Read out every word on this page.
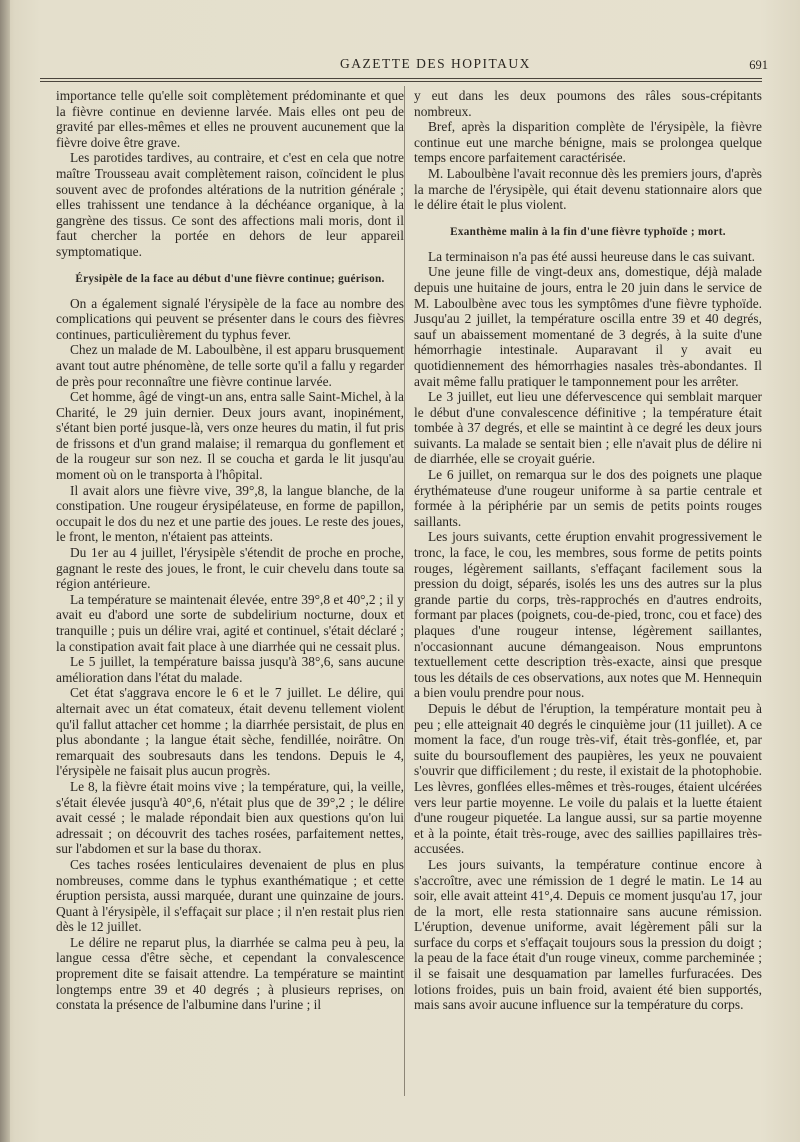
GAZETTE DES HOPITAUX	691

importance telle qu'elle soit complètement prédominante et que la fièvre continue en devienne larvée. Mais elles ont peu de gravité par elles-mêmes et elles ne prouvent aucunement que la fièvre doive être grave.

Les parotides tardives, au contraire, et c'est en cela que notre maître Trousseau avait complètement raison, coïncident le plus souvent avec de profondes altérations de la nutrition générale ; elles trahissent une tendance à la déchéance organique, à la gangrène des tissus. Ce sont des affections mali moris, dont il faut chercher la portée en dehors de leur appareil symptomatique.

Érysipèle de la face au début d'une fièvre continue; guérison.

On a également signalé l'érysipèle de la face au nombre des complications qui peuvent se présenter dans le cours des fièvres continues, particulièrement du typhus fever.

Chez un malade de M. Laboulbène, il est apparu brusquement avant tout autre phénomène, de telle sorte qu'il a fallu y regarder de près pour reconnaître une fièvre continue larvée.

Cet homme, âgé de vingt-un ans, entra salle Saint-Michel, à la Charité, le 29 juin dernier. Deux jours avant, inopinément, s'étant bien porté jusque-là, vers onze heures du matin, il fut pris de frissons et d'un grand malaise; il remarqua du gonflement et de la rougeur sur son nez. Il se coucha et garda le lit jusqu'au moment où on le transporta à l'hôpital.

Il avait alors une fièvre vive, 39°,8, la langue blanche, de la constipation. Une rougeur érysipélateuse, en forme de papillon, occupait le dos du nez et une partie des joues. Le reste des joues, le front, le menton, n'étaient pas atteints.

Du 1er au 4 juillet, l'érysipèle s'étendit de proche en proche, gagnant le reste des joues, le front, le cuir chevelu dans toute sa région antérieure.

La température se maintenait élevée, entre 39°,8 et 40°,2 ; il y avait eu d'abord une sorte de subdelirium nocturne, doux et tranquille ; puis un délire vrai, agité et continuel, s'était déclaré ; la constipation avait fait place à une diarrhée qui ne cessait plus.

Le 5 juillet, la température baissa jusqu'à 38°,6, sans aucune amélioration dans l'état du malade.

Cet état s'aggrava encore le 6 et le 7 juillet. Le délire, qui alternait avec un état comateux, était devenu tellement violent qu'il fallut attacher cet homme ; la diarrhée persistait, de plus en plus abondante ; la langue était sèche, fendillée, noirâtre. On remarquait des soubresauts dans les tendons. Depuis le 4, l'érysipèle ne faisait plus aucun progrès.

Le 8, la fièvre était moins vive ; la température, qui, la veille, s'était élevée jusqu'à 40°,6, n'était plus que de 39°,2 ; le délire avait cessé ; le malade répondait bien aux questions qu'on lui adressait ; on découvrit des taches rosées, parfaitement nettes, sur l'abdomen et sur la base du thorax.

Ces taches rosées lenticulaires devenaient de plus en plus nombreuses, comme dans le typhus exanthématique ; et cette éruption persista, aussi marquée, durant une quinzaine de jours. Quant à l'érysipèle, il s'effaçait sur place ; il n'en restait plus rien dès le 12 juillet.

Le délire ne reparut plus, la diarrhée se calma peu à peu, la langue cessa d'être sèche, et cependant la convalescence proprement dite se faisait attendre. La température se maintint longtemps entre 39 et 40 degrés ; à plusieurs reprises, on constata la présence de l'albumine dans l'urine ; il

y eut dans les deux poumons des râles sous-crépitants nombreux.

Bref, après la disparition complète de l'érysipèle, la fièvre continue eut une marche bénigne, mais se prolongea quelque temps encore parfaitement caractérisée.

M. Laboulbène l'avait reconnue dès les premiers jours, d'après la marche de l'érysipèle, qui était devenu stationnaire alors que le délire était le plus violent.

Exanthème malin à la fin d'une fièvre typhoïde ; mort.

La terminaison n'a pas été aussi heureuse dans le cas suivant.

Une jeune fille de vingt-deux ans, domestique, déjà malade depuis une huitaine de jours, entra le 20 juin dans le service de M. Laboulbène avec tous les symptômes d'une fièvre typhoïde. Jusqu'au 2 juillet, la température oscilla entre 39 et 40 degrés, sauf un abaissement momentané de 3 degrés, à la suite d'une hémorrhagie intestinale. Auparavant il y avait eu quotidiennement des hémorrhagies nasales très-abondantes. Il avait même fallu pratiquer le tamponnement pour les arrêter.

Le 3 juillet, eut lieu une défervescence qui semblait marquer le début d'une convalescence définitive ; la température était tombée à 37 degrés, et elle se maintint à ce degré les deux jours suivants. La malade se sentait bien ; elle n'avait plus de délire ni de diarrhée, elle se croyait guérie.

Le 6 juillet, on remarqua sur le dos des poignets une plaque érythémateuse d'une rougeur uniforme à sa partie centrale et formée à la périphérie par un semis de petits points rouges saillants.

Les jours suivants, cette éruption envahit progressivement le tronc, la face, le cou, les membres, sous forme de petits points rouges, légèrement saillants, s'effaçant facilement sous la pression du doigt, séparés, isolés les uns des autres sur la plus grande partie du corps, très-rapprochés en d'autres endroits, formant par places (poignets, cou-de-pied, tronc, cou et face) des plaques d'une rougeur intense, légèrement saillantes, n'occasionnant aucune démangeaison. Nous empruntons textuellement cette description très-exacte, ainsi que presque tous les détails de ces observations, aux notes que M. Hennequin a bien voulu prendre pour nous.

Depuis le début de l'éruption, la température montait peu à peu ; elle atteignait 40 degrés le cinquième jour (11 juillet). A ce moment la face, d'un rouge très-vif, était très-gonflée, et, par suite du boursouflement des paupières, les yeux ne pouvaient s'ouvrir que difficilement ; du reste, il existait de la photophobie. Les lèvres, gonflées elles-mêmes et très-rouges, étaient ulcérées vers leur partie moyenne. Le voile du palais et la luette étaient d'une rougeur piquetée. La langue aussi, sur sa partie moyenne et à la pointe, était très-rouge, avec des saillies papillaires très-accusées.

Les jours suivants, la température continue encore à s'accroître, avec une rémission de 1 degré le matin. Le 14 au soir, elle avait atteint 41°,4. Depuis ce moment jusqu'au 17, jour de la mort, elle resta stationnaire sans aucune rémission. L'éruption, devenue uniforme, avait légèrement pâli sur la surface du corps et s'effaçait toujours sous la pression du doigt ; la peau de la face était d'un rouge vineux, comme parcheminée ; il se faisait une desquamation par lamelles furfuracées. Des lotions froides, puis un bain froid, avaient été bien supportés, mais sans avoir aucune influence sur la température du corps.
